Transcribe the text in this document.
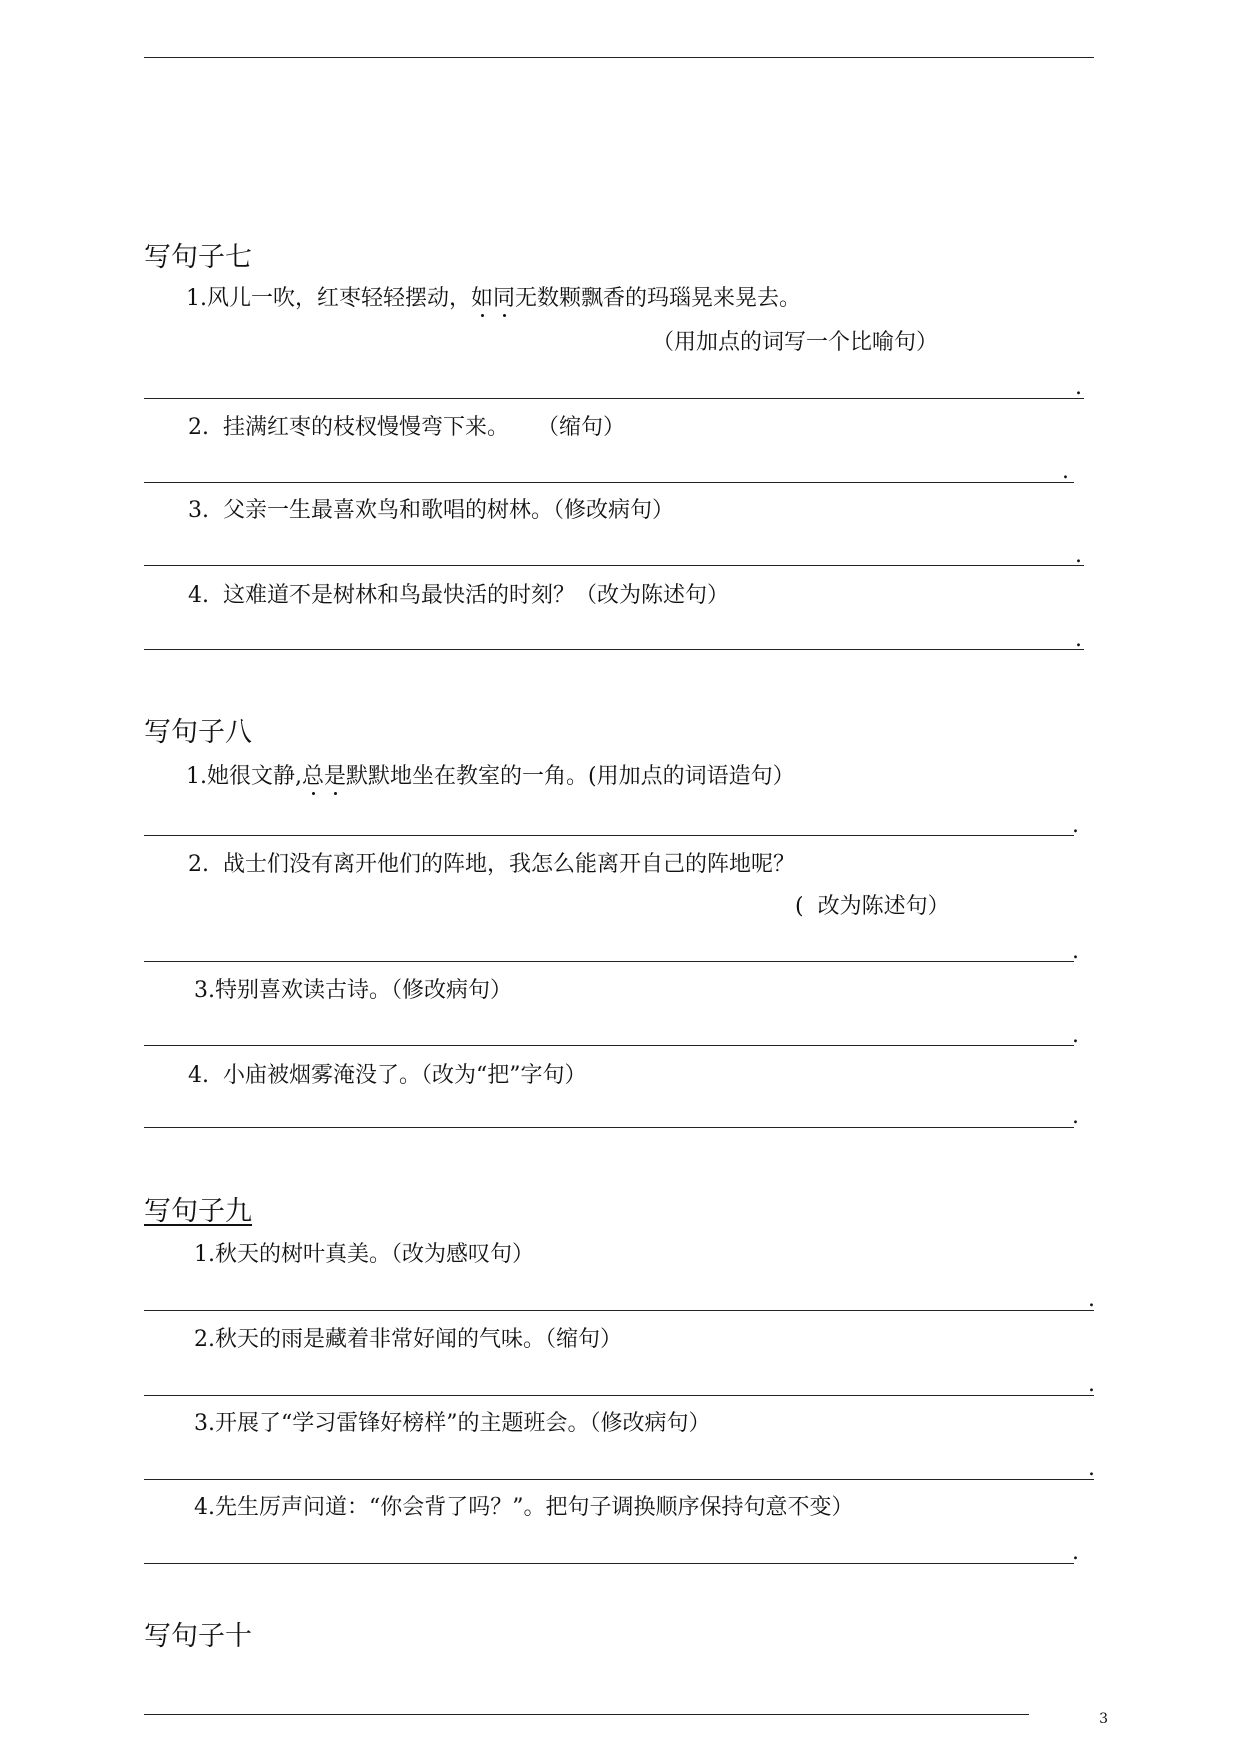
写句子七
1.风儿一吹，红枣轻轻摆动，如同无数颗飘香的玛瑙晃来晃去。
（用加点的词写一个比喻句）
.
2. 挂满红枣的枝杈慢慢弯下来。 （缩句）
.
3. 父亲一生最喜欢鸟和歌唱的树林。（修改病句）
.
4. 这难道不是树林和鸟最快活的时刻？（改为陈述句）
.
写句子八
1.她很文静,总是默默地坐在教室的一角。(用加点的词语造句）
.
2. 战士们没有离开他们的阵地，我怎么能离开自己的阵地呢？
(  改为陈述句）
.
3.特别喜欢读古诗。（修改病句）
.
4. 小庙被烟雾淹没了。（改为“把”字句）
.
写句子九
1.秋天的树叶真美。（改为感叹句）
.
2.秋天的雨是藏着非常好闻的气味。（缩句）
.
3.开展了“学习雷锋好榜样”的主题班会。（修改病句）
.
4.先生厉声问道：“你会背了吗？”。把句子调换顺序保持句意不变）
.
写句子十
3
